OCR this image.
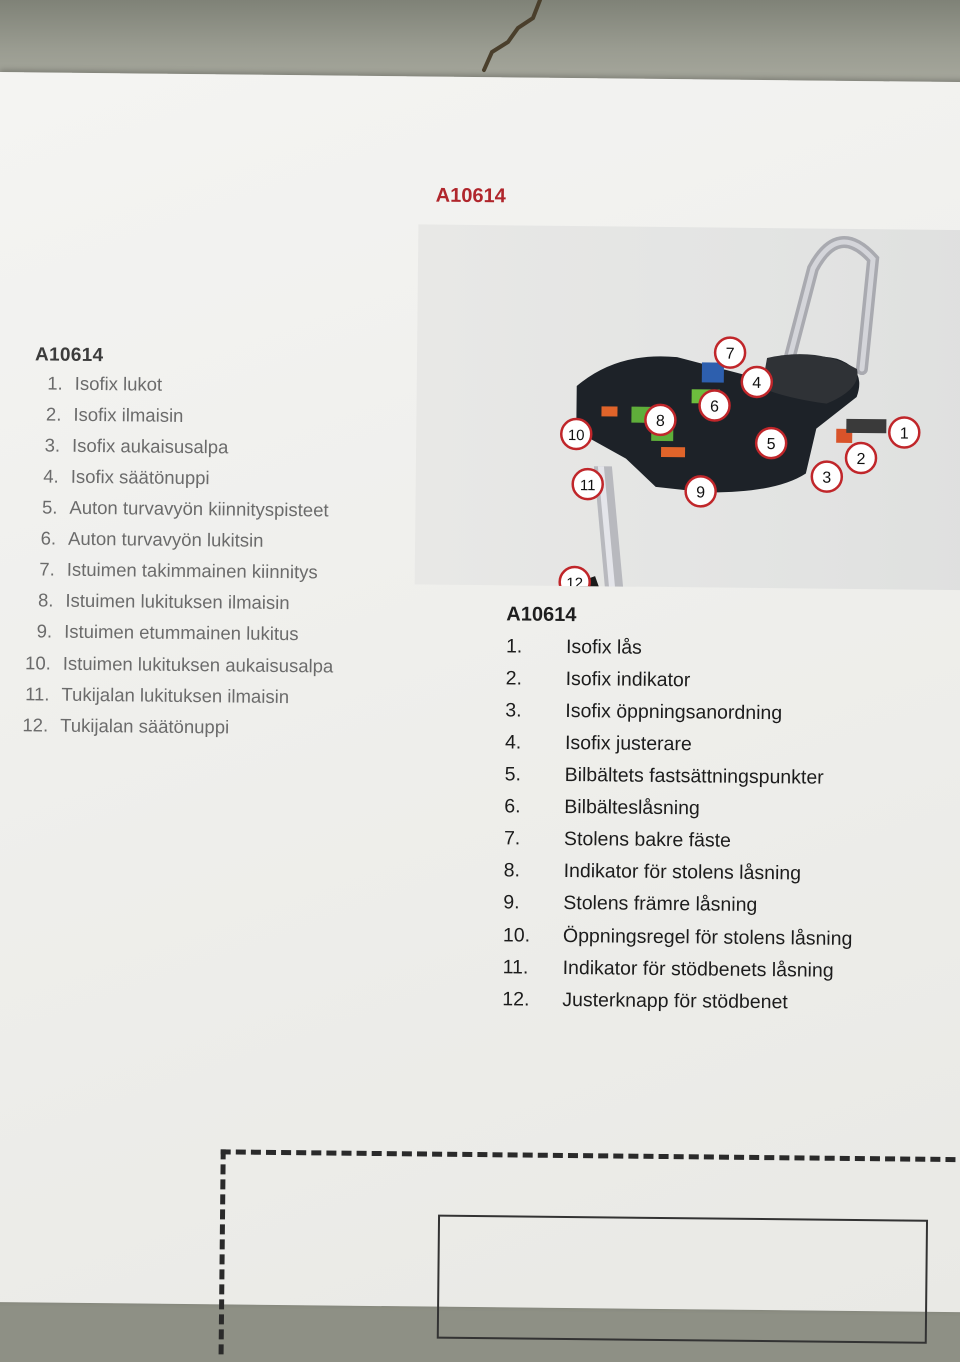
A10614
1
2
3
4
5
6
7
8
9
10
11
12
A10614
1. Isofix lukot
2. Isofix ilmaisin
3. Isofix aukaisusalpa
4. Isofix säätönuppi
5. Auton turvavyön kiinnityspisteet
6. Auton turvavyön lukitsin
7. Istuimen takimmainen kiinnitys
8. Istuimen lukituksen ilmaisin
9. Istuimen etummainen lukitus
10. Istuimen lukituksen aukaisusalpa
11. Tukijalan lukituksen ilmaisin
12. Tukijalan säätönuppi
A10614
1. Isofix lås
2. Isofix indikator
3. Isofix öppningsanordning
4. Isofix justerare
5. Bilbältets fastsättningspunkter
6. Bilbälteslåsning
7. Stolens bakre fäste
8. Indikator för stolens låsning
9. Stolens främre låsning
10. Öppningsregel för stolens låsning
11. Indikator för stödbenets låsning
12. Justerknapp för stödbenet
